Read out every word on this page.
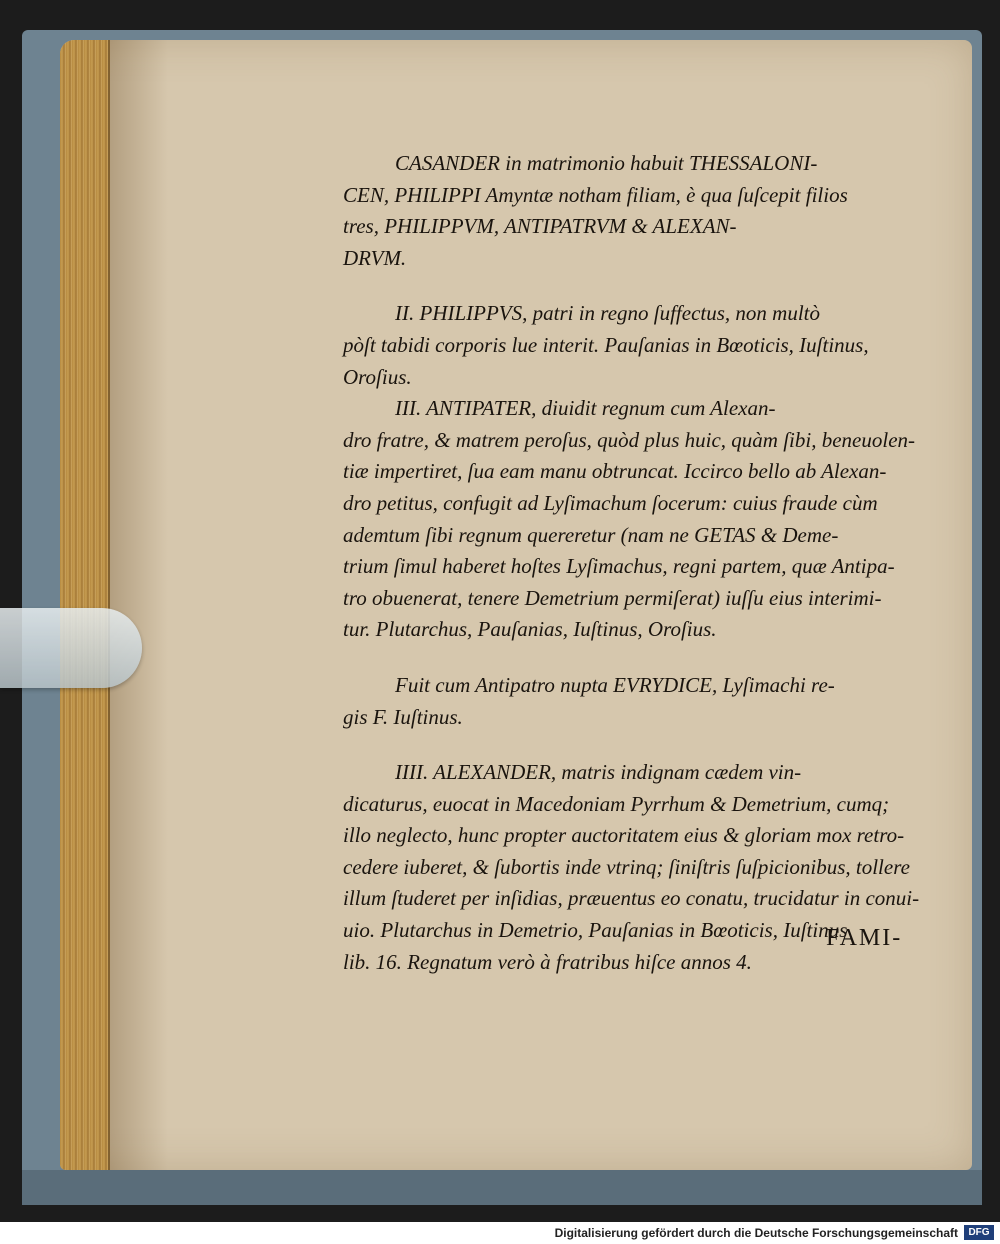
CASANDER in matrimonio habuit THESSALONI-

CEN, PHILIPPI Amyntæ notham filiam, è qua ſuſcepit filios

tres, PHILIPPVM, ANTIPATRVM & ALEXAN-

DRVM.

II. PHILIPPVS, patri in regno ſuffectus, non multò

pòſt tabidi corporis lue interit. Pauſanias in Bœoticis, Iuſtinus,

Oroſius.

III. ANTIPATER, diuidit regnum cum Alexan-

dro fratre, & matrem peroſus, quòd plus huic, quàm ſibi, beneuolen-

tiæ impertiret, ſua eam manu obtruncat. Iccirco bello ab Alexan-

dro petitus, confugit ad Lyſimachum ſocerum: cuius fraude cùm

ademtum ſibi regnum quereretur (nam ne GETAS & Deme-

trium ſimul haberet hoſtes Lyſimachus, regni partem, quæ Antipa-

tro obuenerat, tenere Demetrium permiſerat) iuſſu eius interimi-

tur. Plutarchus, Pauſanias, Iuſtinus, Oroſius.

Fuit cum Antipatro nupta EVRYDICE, Lyſimachi re-

gis F. Iuſtinus.

IIII. ALEXANDER, matris indignam cædem vin-

dicaturus, euocat in Macedoniam Pyrrhum & Demetrium, cumq;

illo neglecto, hunc propter auctoritatem eius & gloriam mox retro-

cedere iuberet, & ſubortis inde vtrinq; ſiniſtris ſuſpicionibus, tollere

illum ſtuderet per inſidias, præuentus eo conatu, trucidatur in conui-

uio. Plutarchus in Demetrio, Pauſanias in Bœoticis, Iuſtinus

lib. 16. Regnatum verò à fratribus hiſce annos 4.

FAMI-
Digitalisierung gefördert durch die Deutsche Forschungsgemeinschaft	DFG
